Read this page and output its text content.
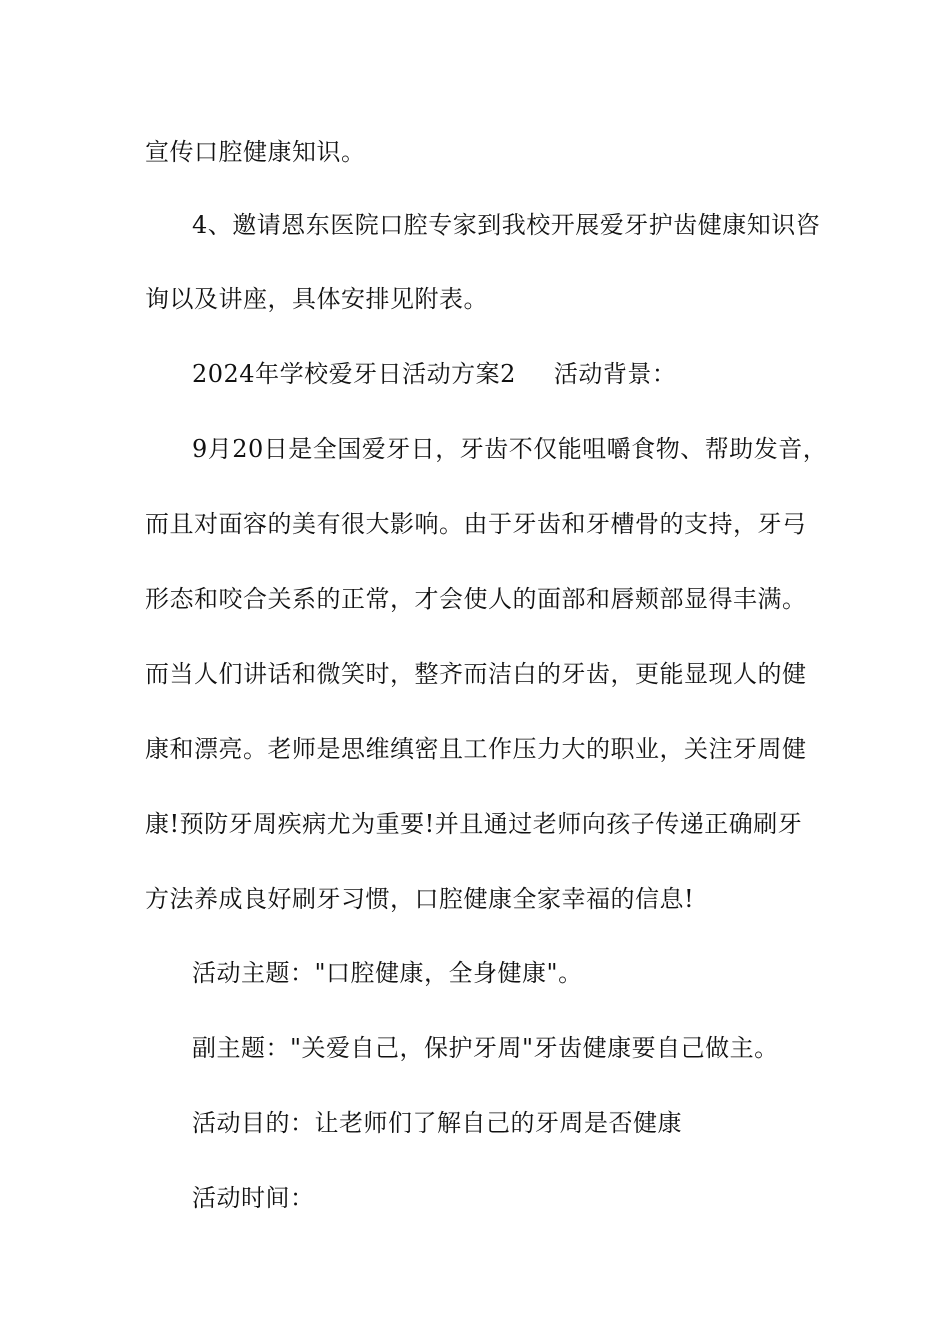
宣传口腔健康知识。
4、邀请恩东医院口腔专家到我校开展爱牙护齿健康知识咨
询以及讲座，具体安排见附表。
2024年学校爱牙日活动方案2 活动背景：
9月20日是全国爱牙日，牙齿不仅能咀嚼食物、帮助发音，
而且对面容的美有很大影响。由于牙齿和牙槽骨的支持，牙弓
形态和咬合关系的正常，才会使人的面部和唇颊部显得丰满。
而当人们讲话和微笑时，整齐而洁白的牙齿，更能显现人的健
康和漂亮。老师是思维缜密且工作压力大的职业，关注牙周健
康!预防牙周疾病尤为重要!并且通过老师向孩子传递正确刷牙
方法养成良好刷牙习惯，口腔健康全家幸福的信息!
活动主题："口腔健康，全身健康"。
副主题："关爱自己，保护牙周"牙齿健康要自己做主。
活动目的：让老师们了解自己的牙周是否健康
活动时间：
